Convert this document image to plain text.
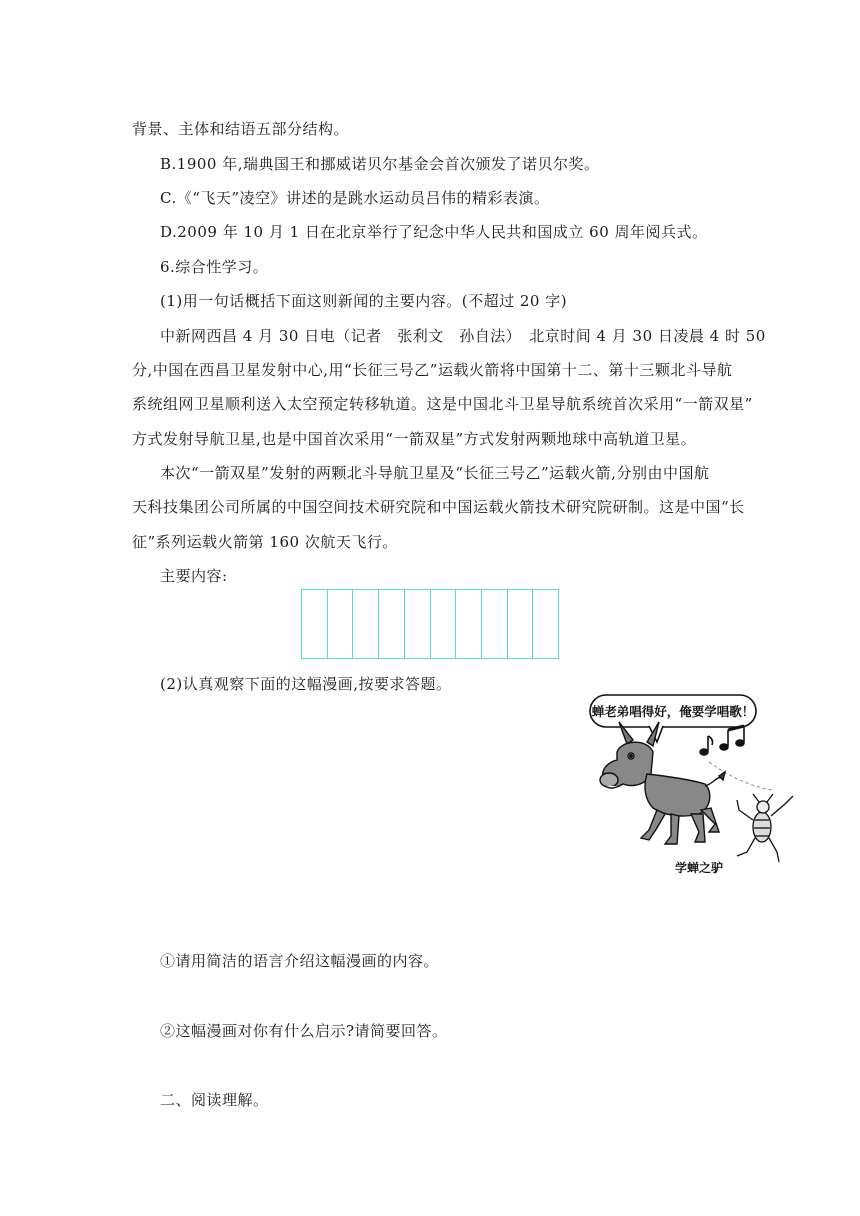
背景、主体和结语五部分结构。
B.1900 年,瑞典国王和挪威诺贝尔基金会首次颁发了诺贝尔奖。
C.《“飞天”凌空》讲述的是跳水运动员吕伟的精彩表演。
D.2009 年 10 月 1 日在北京举行了纪念中华人民共和国成立 60 周年阅兵式。
6.综合性学习。
(1)用一句话概括下面这则新闻的主要内容。(不超过 20 字)
中新网西昌 4 月 30 日电（记者　张利文　孙自法）　北京时间 4 月 30 日凌晨 4 时 50
分,中国在西昌卫星发射中心,用“长征三号乙”运载火箭将中国第十二、第十三颗北斗导航
系统组网卫星顺利送入太空预定转移轨道。这是中国北斗卫星导航系统首次采用“一箭双星”
方式发射导航卫星,也是中国首次采用“一箭双星”方式发射两颗地球中高轨道卫星。
本次“一箭双星”发射的两颗北斗导航卫星及“长征三号乙”运载火箭,分别由中国航
天科技集团公司所属的中国空间技术研究院和中国运载火箭技术研究院研制。这是中国“长
征”系列运载火箭第 160 次航天飞行。
主要内容:
(2)认真观察下面的这幅漫画,按要求答题。
蝉老弟唱得好，俺要学唱歌！
学蝉之驴
①请用简洁的语言介绍这幅漫画的内容。
②这幅漫画对你有什么启示?请简要回答。
二、阅读理解。
